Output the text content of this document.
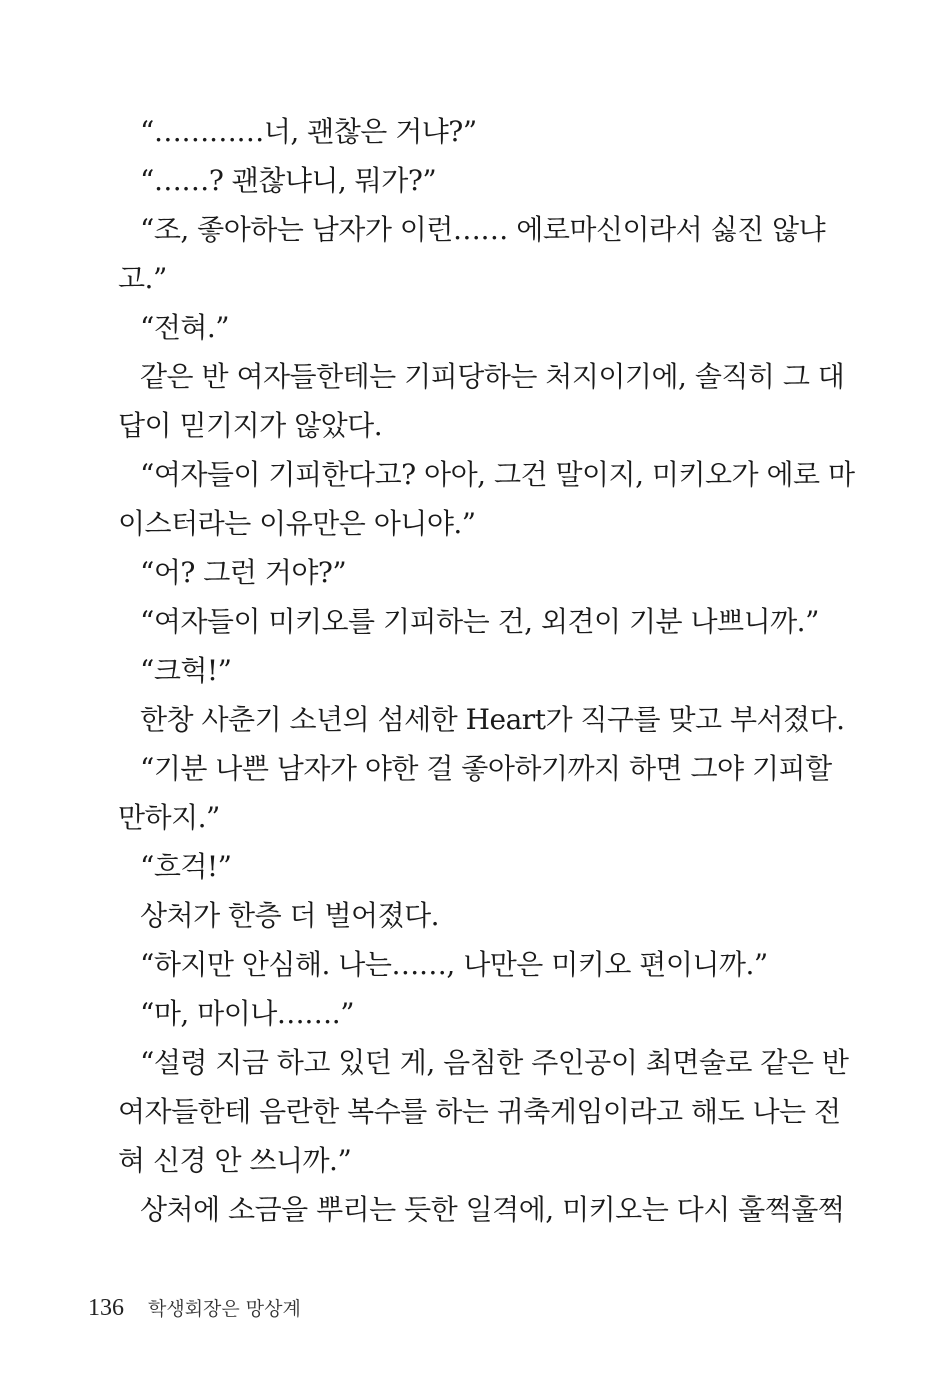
“…………너, 괜찮은 거냐?”
“……? 괜찮냐니, 뭐가?”
“조, 좋아하는 남자가 이런…… 에로마신이라서 싫진 않냐
고.”
“전혀.”
같은 반 여자들한테는 기피당하는 처지이기에, 솔직히 그 대
답이 믿기지가 않았다.
“여자들이 기피한다고? 아아, 그건 말이지, 미키오가 에로 마
이스터라는 이유만은 아니야.”
“어? 그런 거야?”
“여자들이 미키오를 기피하는 건, 외견이 기분 나쁘니까.”
“크헉!”
한창 사춘기 소년의 섬세한 Heart가 직구를 맞고 부서졌다.
“기분 나쁜 남자가 야한 걸 좋아하기까지 하면 그야 기피할
만하지.”
“흐걱!”
상처가 한층 더 벌어졌다.
“하지만 안심해. 나는……, 나만은 미키오 편이니까.”
“마, 마이나…….”
“설령 지금 하고 있던 게, 음침한 주인공이 최면술로 같은 반
여자들한테 음란한 복수를 하는 귀축게임이라고 해도 나는 전
혀 신경 안 쓰니까.”
상처에 소금을 뿌리는 듯한 일격에, 미키오는 다시 훌쩍훌쩍
136 학생회장은 망상계
